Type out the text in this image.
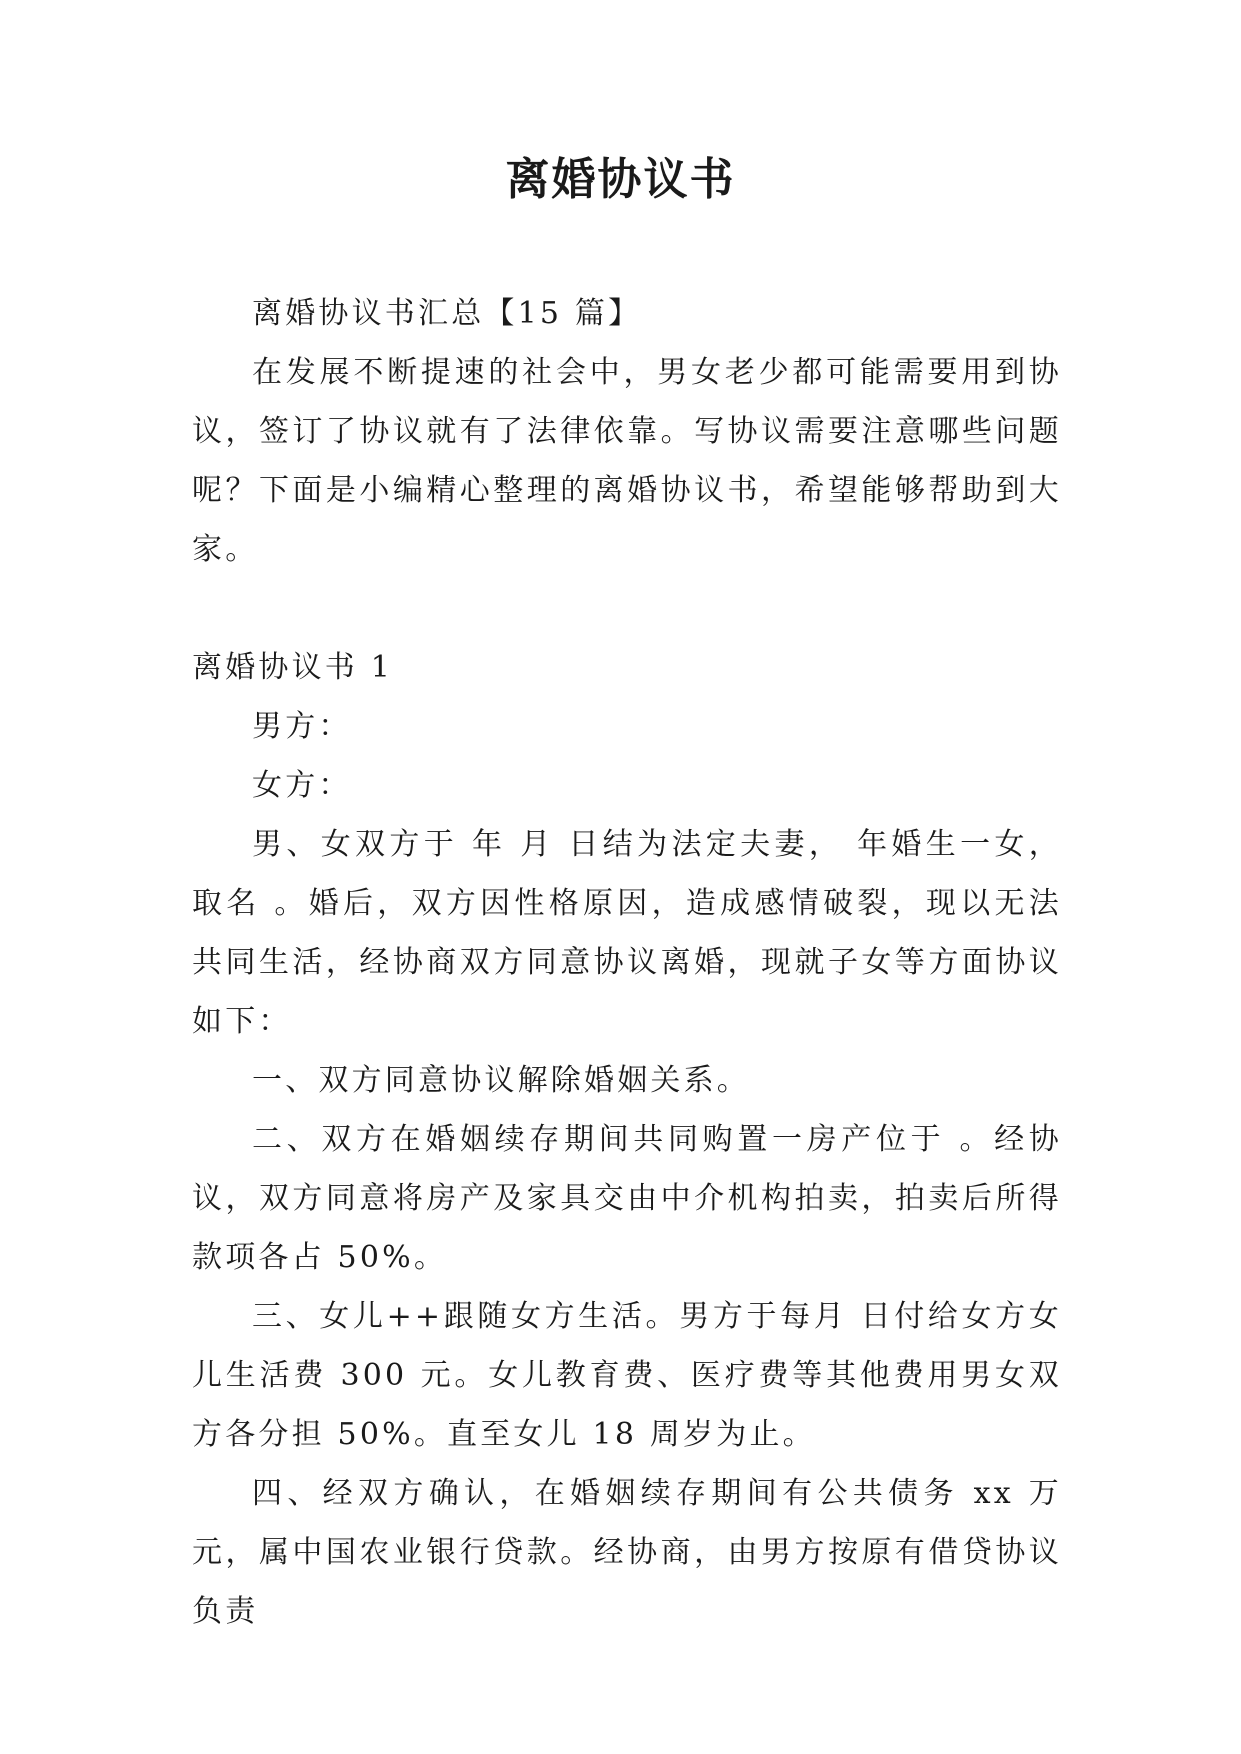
离婚协议书

离婚协议书汇总【15 篇】

在发展不断提速的社会中，男女老少都可能需要用到协议，签订了协议就有了法律依靠。写协议需要注意哪些问题呢？下面是小编精心整理的离婚协议书，希望能够帮助到大家。

离婚协议书 1

男方：

女方：

男、女双方于 年 月 日结为法定夫妻， 年婚生一女，取名 。婚后，双方因性格原因，造成感情破裂，现以无法共同生活，经协商双方同意协议离婚，现就子女等方面协议如下：

一、双方同意协议解除婚姻关系。

二、双方在婚姻续存期间共同购置一房产位于 。经协议，双方同意将房产及家具交由中介机构拍卖，拍卖后所得款项各占 50%。

三、女儿++跟随女方生活。男方于每月 日付给女方女儿生活费 300 元。女儿教育费、医疗费等其他费用男女双方各分担 50%。直至女儿 18 周岁为止。

四、经双方确认，在婚姻续存期间有公共债务 xx 万元，属中国农业银行贷款。经协商，由男方按原有借贷协议负责
